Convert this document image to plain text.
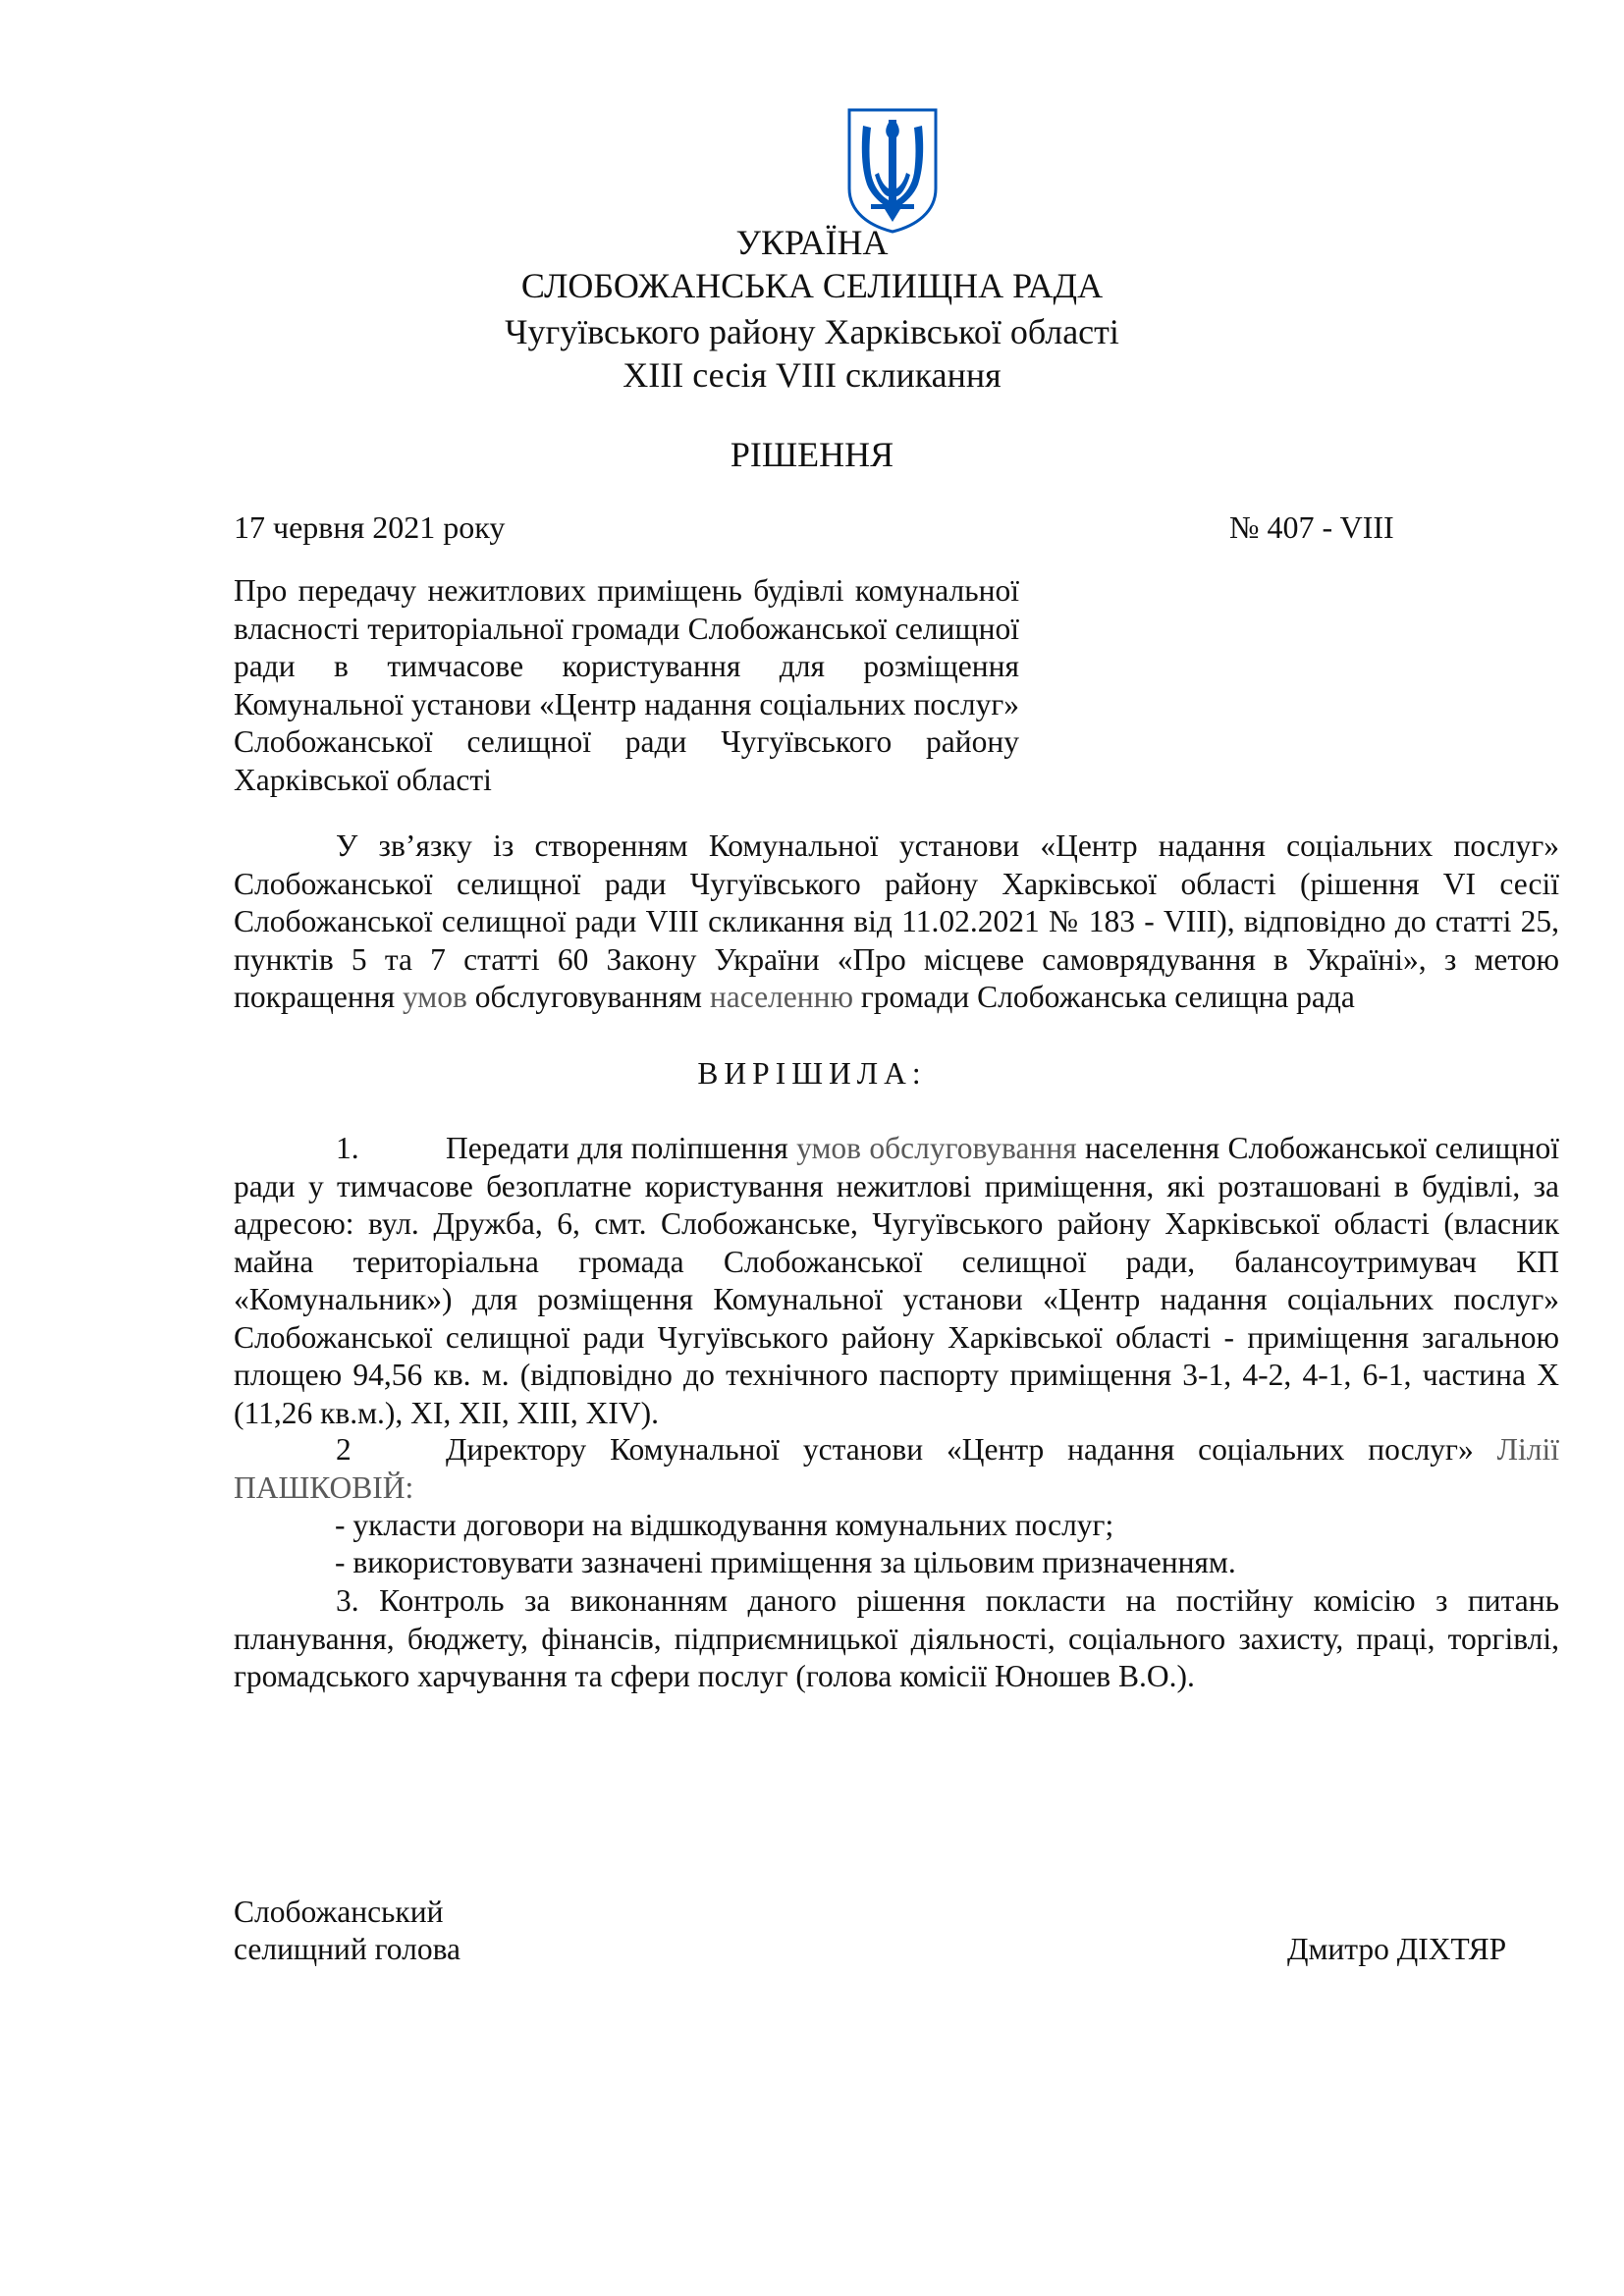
УКРАЇНА
СЛОБОЖАНСЬКА СЕЛИЩНА РАДА
Чугуївського району Харківської області
ХIII сесія VIII скликання
РІШЕННЯ
17 червня 2021 року	№ 407 - VIII
Про передачу нежитлових приміщень будівлі комунальної власності територіальної громади Слобожанської селищної ради в тимчасове користування для розміщення Комунальної установи «Центр надання соціальних послуг» Слобожанської селищної ради Чугуївського району Харківської області
У зв’язку із створенням Комунальної установи «Центр надання соціальних послуг» Слобожанської селищної ради Чугуївського району Харківської області (рішення VI сесії Слобожанської селищної ради VIII скликання від 11.02.2021 № 183 - VIII), відповідно до статті 25, пунктів 5 та 7 статті 60 Закону України «Про місцеве самоврядування в Україні», з метою покращення умов обслуговуванням населенню громади Слобожанська селищна рада
ВИРІШИЛА:
1.	Передати для поліпшення умов обслуговування населення Слобожанської селищної ради у тимчасове безоплатне користування нежитлові приміщення, які розташовані в будівлі, за адресою: вул. Дружба, 6, смт. Слобожанське, Чугуївського району Харківської області (власник майна територіальна громада Слобожанської селищної ради, балансоутримувач КП «Комунальник») для розміщення Комунальної установи «Центр надання соціальних послуг» Слобожанської селищної ради Чугуївського району Харківської області - приміщення загальною площею 94,56 кв. м. (відповідно до технічного паспорту приміщення 3-1, 4-2, 4-1, 6-1, частина Х (11,26 кв.м.), ХІ, ХІІ, ХІІІ, ХIV).
2	Директору Комунальної установи «Центр надання соціальних послуг» Лілії ПАШКОВІЙ:
- укласти договори на відшкодування комунальних послуг;
- використовувати зазначені приміщення за цільовим призначенням.
3. Контроль за виконанням даного рішення покласти на постійну комісію з питань планування, бюджету, фінансів, підприємницької діяльності, соціального захисту, праці, торгівлі, громадського харчування та сфери послуг (голова комісії Юношев В.О.).
Слобожанський
селищний голова	Дмитро ДІХТЯР
